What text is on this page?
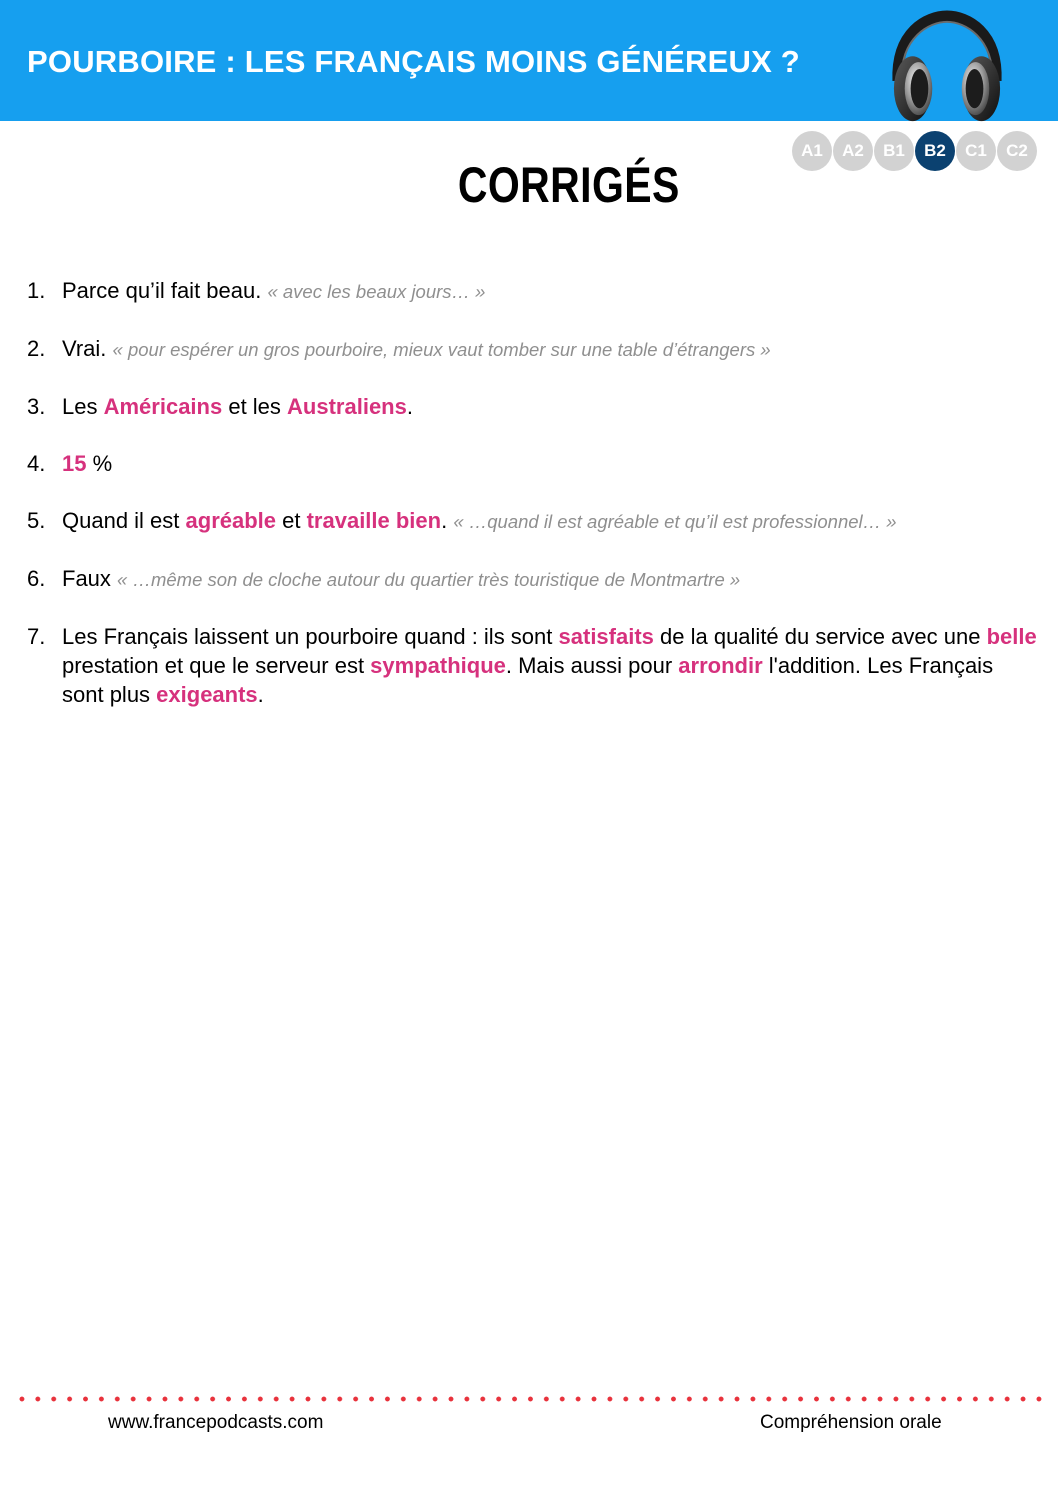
POURBOIRE : LES FRANÇAIS MOINS GÉNÉREUX ?
A1	A2	B1	B2	C1	C2
CORRIGÉS
1. Parce qu’il fait beau. « avec les beaux jours… »
2. Vrai. « pour espérer un gros pourboire, mieux vaut tomber sur une table d’étrangers »
3. Les Américains et les Australiens.
4. 15 %
5. Quand il est agréable et travaille bien. « …quand il est agréable et qu’il est professionnel… »
6. Faux « …même son de cloche autour du quartier très touristique de Montmartre »
7. Les Français laissent un pourboire quand : ils sont satisfaits de la qualité du service avec une belle prestation et que le serveur est sympathique. Mais aussi pour arrondir l'addition. Les Français sont plus exigeants.
www.francepodcasts.com	Compréhension orale
